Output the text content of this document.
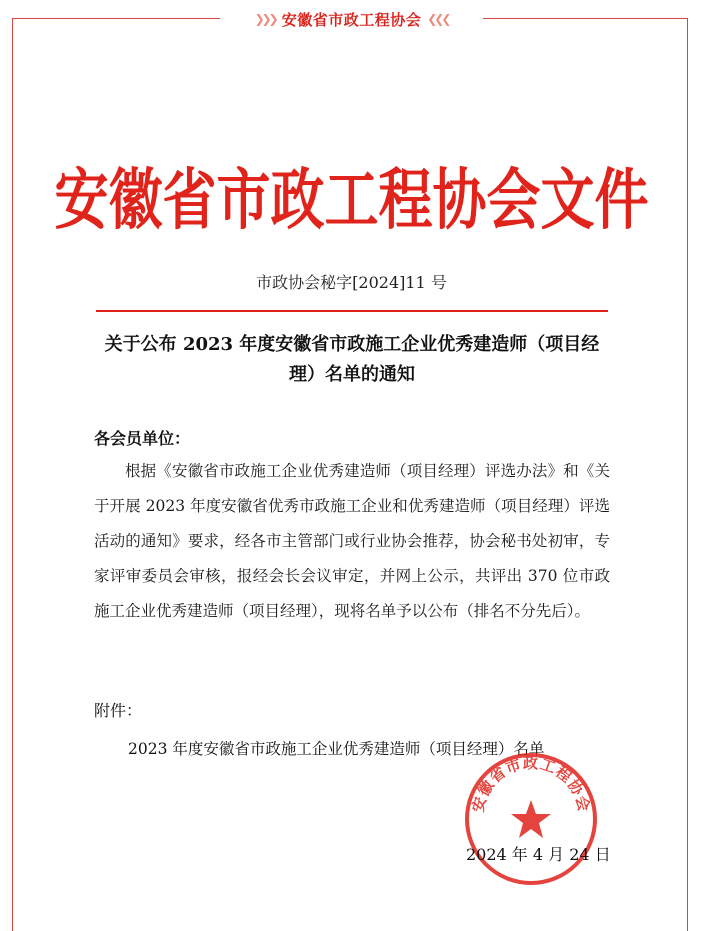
❯❯❯ 安徽省市政工程协会 ❮❮❮
安徽省市政工程协会文件
市政协会秘字[2024]11 号
关于公布 2023 年度安徽省市政施工企业优秀建造师（项目经理）名单的通知
各会员单位：
根据《安徽省市政施工企业优秀建造师（项目经理）评选办法》和《关于开展 2023 年度安徽省优秀市政施工企业和优秀建造师（项目经理）评选活动的通知》要求，经各市主管部门或行业协会推荐，协会秘书处初审，专家评审委员会审核，报经会长会议审定，并网上公示，共评出 370 位市政施工企业优秀建造师（项目经理），现将名单予以公布（排名不分先后）。
附件：
2023 年度安徽省市政施工企业优秀建造师（项目经理）名单
安徽省市政工程协会
2024 年 4 月 24 日
